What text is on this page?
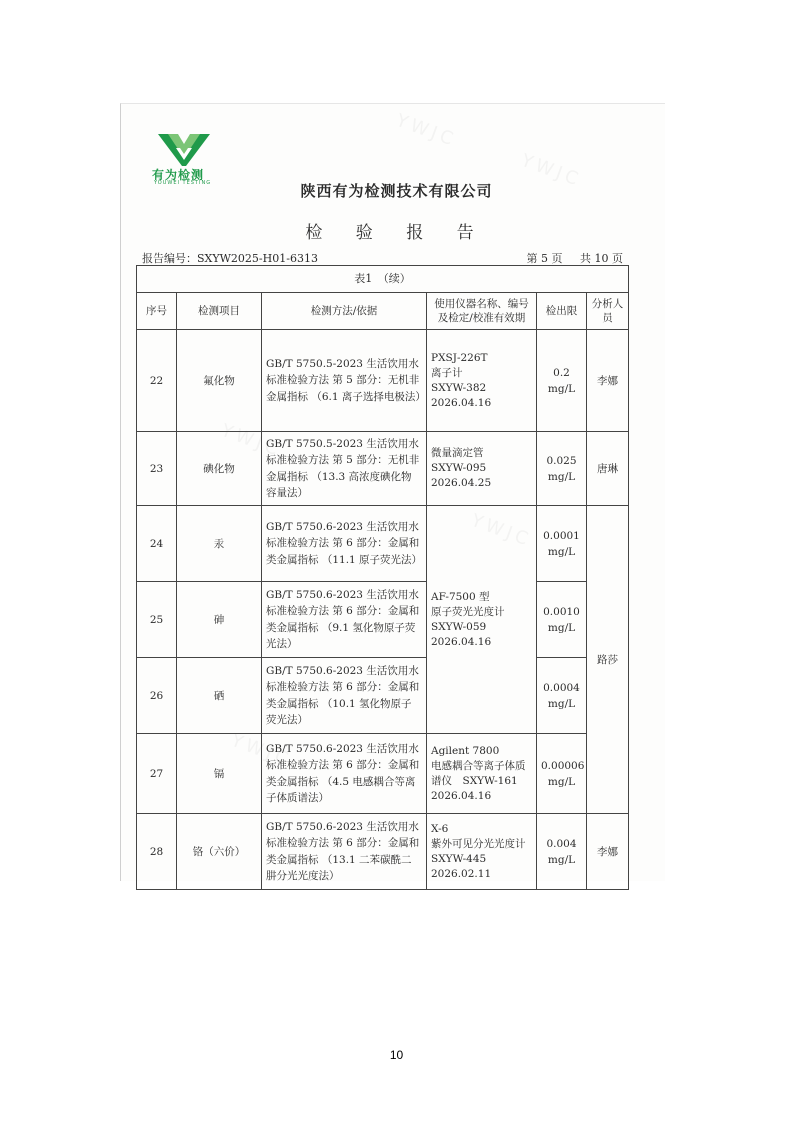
YWJC
YWJC
YWJC
YWJC
YWJC
有为检测
YOUWEI TESTING	陕西有为检测技术有限公司
检 验 报 告
报告编号：SXYW2025-H01-6313	第 5 页 共 10 页
表1　（续）					
序号	检测项目	检测方法/依据	使用仪器名称、编号及检定/校准有效期	检出限	分析人员
22	氟化物	GB/T 5750.5-2023 生活饮用水标准检验方法 第 5 部分：无机非金属指标 （6.1 离子选择电极法）	PXSJ-226T
离子计
SXYW-382
2026.04.16	0.2
mg/L	李娜
23	碘化物	GB/T 5750.5-2023 生活饮用水标准检验方法 第 5 部分：无机非金属指标 （13.3 高浓度碘化物容量法）	微量滴定管
SXYW-095
2026.04.25	0.025
mg/L	唐琳
24	汞	GB/T 5750.6-2023 生活饮用水标准检验方法 第 6 部分：金属和类金属指标 （11.1 原子荧光法）	AF-7500 型
原子荧光光度计
SXYW-059
2026.04.16	0.0001
mg/L	路莎
25	砷	GB/T 5750.6-2023 生活饮用水标准检验方法 第 6 部分：金属和类金属指标 （9.1 氢化物原子荧光法）		0.0010
mg/L	
26	硒	GB/T 5750.6-2023 生活饮用水标准检验方法 第 6 部分：金属和类金属指标 （10.1 氢化物原子荧光法）		0.0004
mg/L	
27	镉	GB/T 5750.6-2023 生活饮用水标准检验方法 第 6 部分：金属和类金属指标 （4.5 电感耦合等离子体质谱法）	Agilent 7800
电感耦合等离子体质谱仪　SXYW-161
2026.04.16	0.00006
mg/L	
28	铬（六价）	GB/T 5750.6-2023 生活饮用水标准检验方法 第 6 部分：金属和类金属指标 （13.1 二苯碳酰二肼分光光度法）	X-6
紫外可见分光光度计
SXYW-445
2026.02.11	0.004
mg/L	李娜
10
